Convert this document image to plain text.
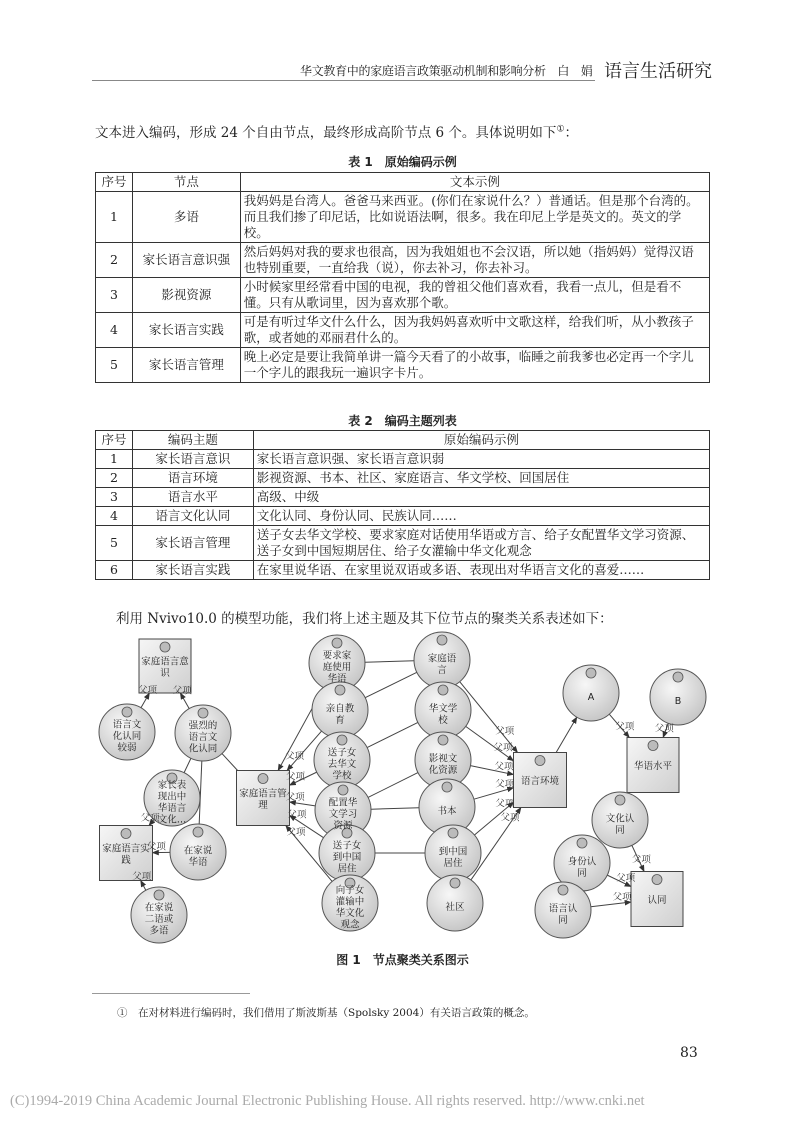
华文教育中的家庭语言政策驱动机制和影响分析　白　娟 语言生活研究
文本进入编码，形成 24 个自由节点，最终形成高阶节点 6 个。具体说明如下①：
表 1　原始编码示例
序号	节点	文本示例
1	多语	我妈妈是台湾人。爸爸马来西亚。(你们在家说什么？）普通话。但是那个台湾的。而且我们掺了印尼话，比如说语法啊，很多。我在印尼上学是英文的。英文的学校。
2	家长语言意识强	然后妈妈对我的要求也很高，因为我姐姐也不会汉语，所以她（指妈妈）觉得汉语也特别重要，一直给我（说），你去补习，你去补习。
3	影视资源	小时候家里经常看中国的电视，我的曾祖父他们喜欢看，我看一点儿，但是看不懂。只有从歌词里，因为喜欢那个歌。
4	家长语言实践	可是有听过华文什么什么，因为我妈妈喜欢听中文歌这样，给我们听，从小教孩子歌，或者她的邓丽君什么的。
5	家长语言管理	晚上必定是要让我简单讲一篇今天看了的小故事，临睡之前我爹也必定再一个字儿一个字儿的跟我玩一遍识字卡片。
表 2　编码主题列表
序号	编码主题	原始编码示例
1	家长语言意识	家长语言意识强、家长语言意识弱
2	语言环境	影视资源、书本、社区、家庭语言、华文学校、回国居住
3	语言水平	高级、中级
4	语言文化认同	文化认同、身份认同、民族认同……
5	家长语言管理	送子女去华文学校、要求家庭对话使用华语或方言、给子女配置华文学习资源、送子女到中国短期居住、给子女灌输中华文化观念
6	家长语言实践	在家里说华语、在家里说双语或多语、表现出对华语言文化的喜爱……
利用 Nvivo10.0 的模型功能，我们将上述主题及其下位节点的聚类关系表述如下：
父项 父项
父项
父项
父项
父项
父项
父项
父项
父项
父项
父项
父项
父项
父项
父项
父项 父项
父项
父项
父项
家庭语言意
识
语言文
化认同
较弱
强烈的
语言文
化认同
家长表
现出中
华语言
文化…
家庭语言实
践
在家说
华语
在家说
二语或
多语
家庭语言管
理
要求家
庭使用
华语
亲自教
育
送子女
去华文
学校
配置华
文学习
资源
送子女
到中国
居住
向子女
灌输中
华文化
观念
家庭语
言
华文学
校
影视文
化资源
书本
到中国
居住
社区
语言环境
A	B
华语水平
文化认
同
身份认
同
语言认
同
认同
图 1　节点聚类关系图示
①　在对材料进行编码时，我们借用了斯波斯基（Spolsky 2004）有关语言政策的概念。
83
(C)1994-2019 China Academic Journal Electronic Publishing House. All rights reserved. http://www.cnki.net
